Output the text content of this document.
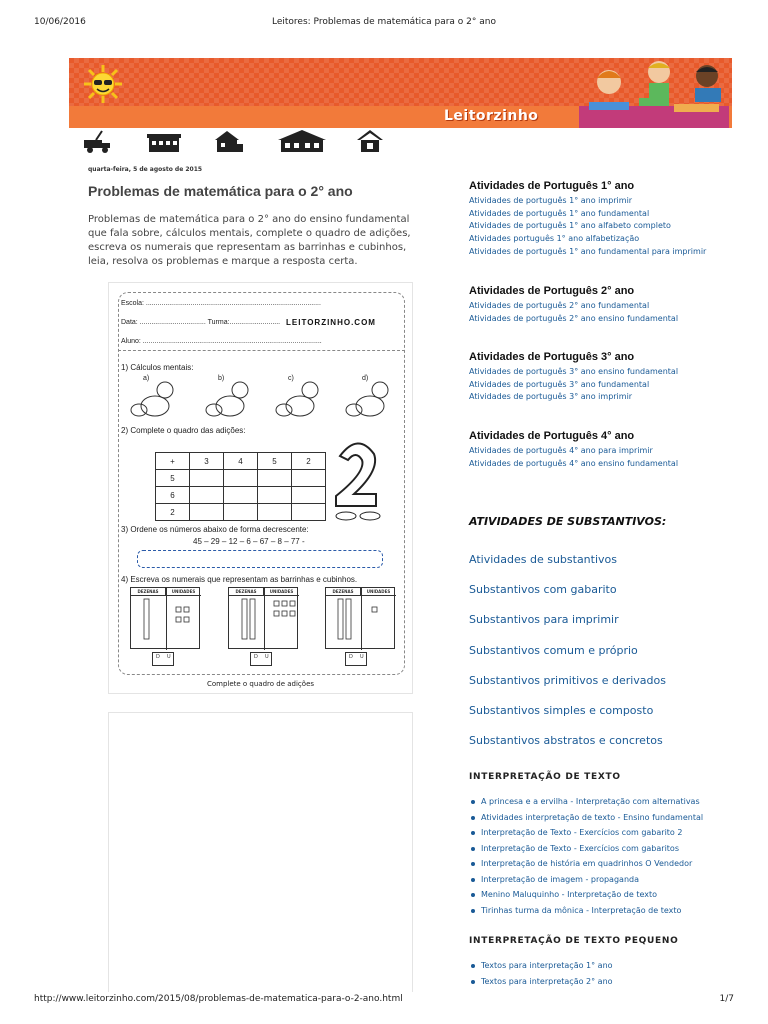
10/06/2016	Leitores: Problemas de matemática para o 2° ano
Leitorzinho
quarta-feira, 5 de agosto de 2015
Problemas de matemática para o 2° ano

Problemas de matemática para o 2° ano do ensino fundamental que fala sobre, cálculos mentais, complete o quadro de adições, escreva os numerais que representam as barrinhas e cubinhos, leia, resolva os problemas e marque a resposta certa.

Escola: ..........................................................................................
Data: .................................. Turma:.......................... LEITORZINHO.COM
Aluno: ............................................................................................
1) Cálculos mentais:
a)	b)	c)	d)
2) Complete o quadro das adições:
+	3	4	5	2
5				
6				
2				
3) Ordene os números abaixo de forma decrescente:
45 – 29 – 12 – 6 – 67 – 8 – 77 -
4) Escreva os numerais que representam as barrinhas e cubinhos.
DEZENAS	UNIDADES	DEZENAS	UNIDADES	DEZENAS	UNIDADES
D U	D U	D U
Complete o quadro de adições
Atividades de Português 1° ano
Atividades de português 1° ano imprimir
Atividades de português 1° ano fundamental
Atividades de português 1° ano alfabeto completo
Atividades português 1° ano alfabetização
Atividades de português 1° ano fundamental para imprimir
Atividades de Português 2° ano
Atividades de português 2° ano fundamental
Atividades de português 2° ano ensino fundamental
Atividades de Português 3° ano
Atividades de português 3° ano ensino fundamental
Atividades de português 3° ano fundamental
Atividades de português 3° ano imprimir
Atividades de Português 4° ano
Atividades de português 4° ano para imprimir
Atividades de português 4° ano ensino fundamental
ATIVIDADES DE SUBSTANTIVOS:
Atividades de substantivos
Substantivos com gabarito
Substantivos para imprimir
Substantivos comum e próprio
Substantivos primitivos e derivados
Substantivos simples e composto
Substantivos abstratos e concretos
INTERPRETAÇÃO DE TEXTO
A princesa e a ervilha - Interpretação com alternativas
Atividades interpretação de texto - Ensino fundamental
Interpretação de Texto - Exercícios com gabarito 2
Interpretação de Texto - Exercícios com gabaritos
Interpretação de história em quadrinhos O Vendedor
Interpretação de imagem - propaganda
Menino Maluquinho - Interpretação de texto
Tirinhas turma da mônica - Interpretação de texto
INTERPRETAÇÃO DE TEXTO PEQUENO
Textos para interpretação 1° ano
Textos para interpretação 2° ano
http://www.leitorzinho.com/2015/08/problemas-de-matematica-para-o-2-ano.html	1/7
